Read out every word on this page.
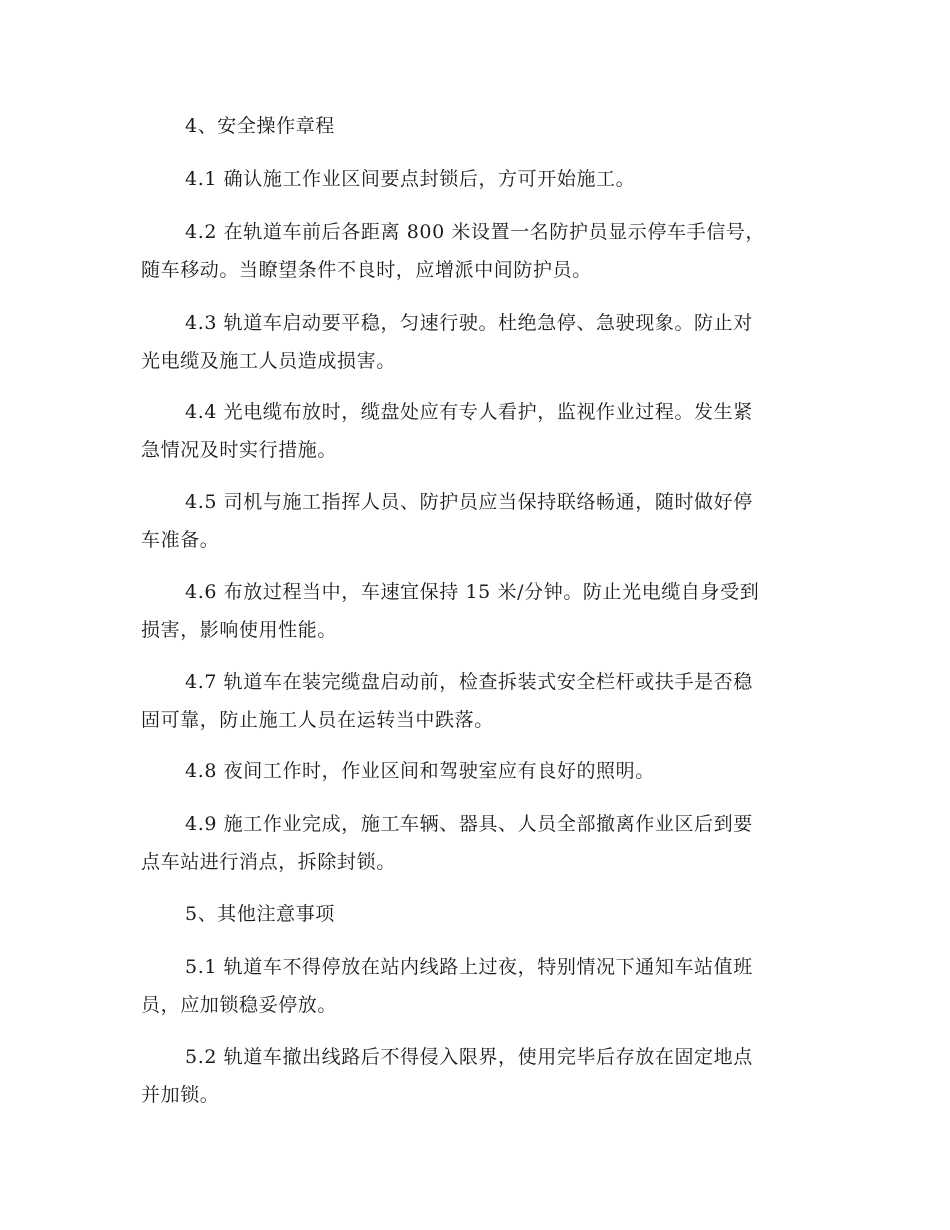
4、安全操作章程

4.1 确认施工作业区间要点封锁后，方可开始施工。

4.2 在轨道车前后各距离 800 米设置一名防护员显示停车手信号，
随车移动。当瞭望条件不良时，应增派中间防护员。

4.3 轨道车启动要平稳，匀速行驶。杜绝急停、急驶现象。防止对
光电缆及施工人员造成损害。

4.4 光电缆布放时，缆盘处应有专人看护，监视作业过程。发生紧
急情况及时实行措施。

4.5 司机与施工指挥人员、防护员应当保持联络畅通，随时做好停
车准备。

4.6 布放过程当中，车速宜保持 15 米/分钟。防止光电缆自身受到
损害，影响使用性能。

4.7 轨道车在装完缆盘启动前，检查拆装式安全栏杆或扶手是否稳
固可靠，防止施工人员在运转当中跌落。

4.8 夜间工作时，作业区间和驾驶室应有良好的照明。

4.9 施工作业完成，施工车辆、器具、人员全部撤离作业区后到要
点车站进行消点，拆除封锁。

5、其他注意事项

5.1 轨道车不得停放在站内线路上过夜，特别情况下通知车站值班
员，应加锁稳妥停放。

5.2 轨道车撤出线路后不得侵入限界，使用完毕后存放在固定地点
并加锁。
